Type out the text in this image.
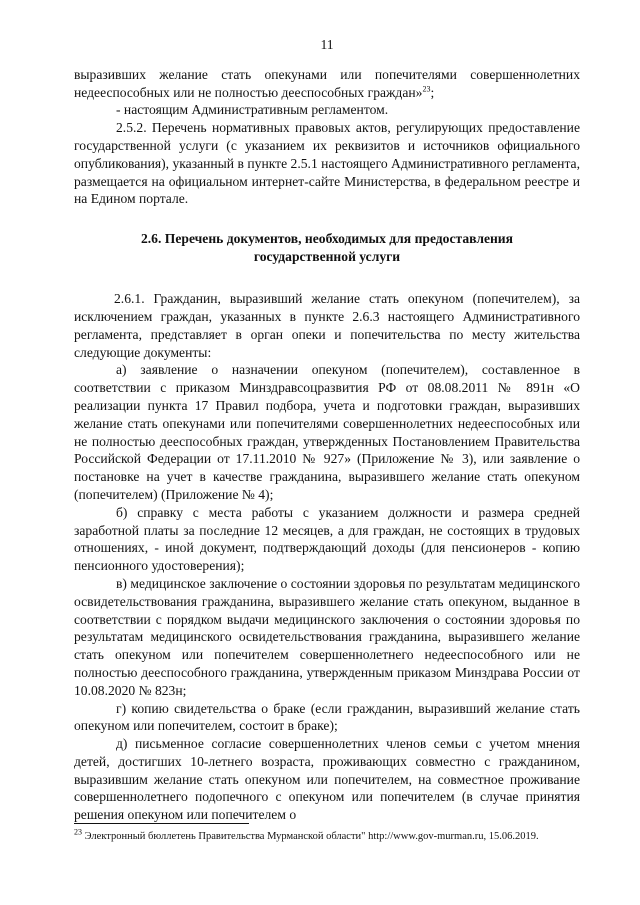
11

выразивших желание стать опекунами или попечителями совершеннолетних недееспособных или не полностью дееспособных граждан»$^{23}$;

- настоящим Административным регламентом.

2.5.2. Перечень нормативных правовых актов, регулирующих предоставление государственной услуги (с указанием их реквизитов и источников официального опубликования), указанный в пункте 2.5.1 настоящего Административного регламента, размещается на официальном интернет-сайте Министерства, в федеральном реестре и на Едином портале.

2.6. Перечень документов, необходимых для предоставления
государственной услуги

2.6.1. Гражданин, выразивший желание стать опекуном (попечителем), за исключением граждан, указанных в пункте 2.6.3 настоящего Административного регламента, представляет в орган опеки и попечительства по месту жительства следующие документы:

а) заявление о назначении опекуном (попечителем), составленное в соответствии с приказом Минздравсоцразвития РФ от 08.08.2011 № 891н «О реализации пункта 17 Правил подбора, учета и подготовки граждан, выразивших желание стать опекунами или попечителями совершеннолетних недееспособных или не полностью дееспособных граждан, утвержденных Постановлением Правительства Российской Федерации от 17.11.2010 № 927» (Приложение № 3), или заявление о постановке на учет в качестве гражданина, выразившего желание стать опекуном (попечителем) (Приложение № 4);

б) справку с места работы с указанием должности и размера средней заработной платы за последние 12 месяцев, а для граждан, не состоящих в трудовых отношениях, - иной документ, подтверждающий доходы (для пенсионеров - копию пенсионного удостоверения);

в) медицинское заключение о состоянии здоровья по результатам медицинского освидетельствования гражданина, выразившего желание стать опекуном, выданное в соответствии с порядком выдачи медицинского заключения о состоянии здоровья по результатам медицинского освидетельствования гражданина, выразившего желание стать опекуном или попечителем совершеннолетнего недееспособного или не полностью дееспособного гражданина, утвержденным приказом Минздрава России от 10.08.2020 № 823н;

г) копию свидетельства о браке (если гражданин, выразивший желание стать опекуном или попечителем, состоит в браке);

д) письменное согласие совершеннолетних членов семьи с учетом мнения детей, достигших 10-летнего возраста, проживающих совместно с гражданином, выразившим желание стать опекуном или попечителем, на совместное проживание совершеннолетнего подопечного с опекуном или попечителем (в случае принятия решения опекуном или попечителем о

$^{23}$ Электронный бюллетень Правительства Мурманской области" http://www.gov-murman.ru, 15.06.2019.
